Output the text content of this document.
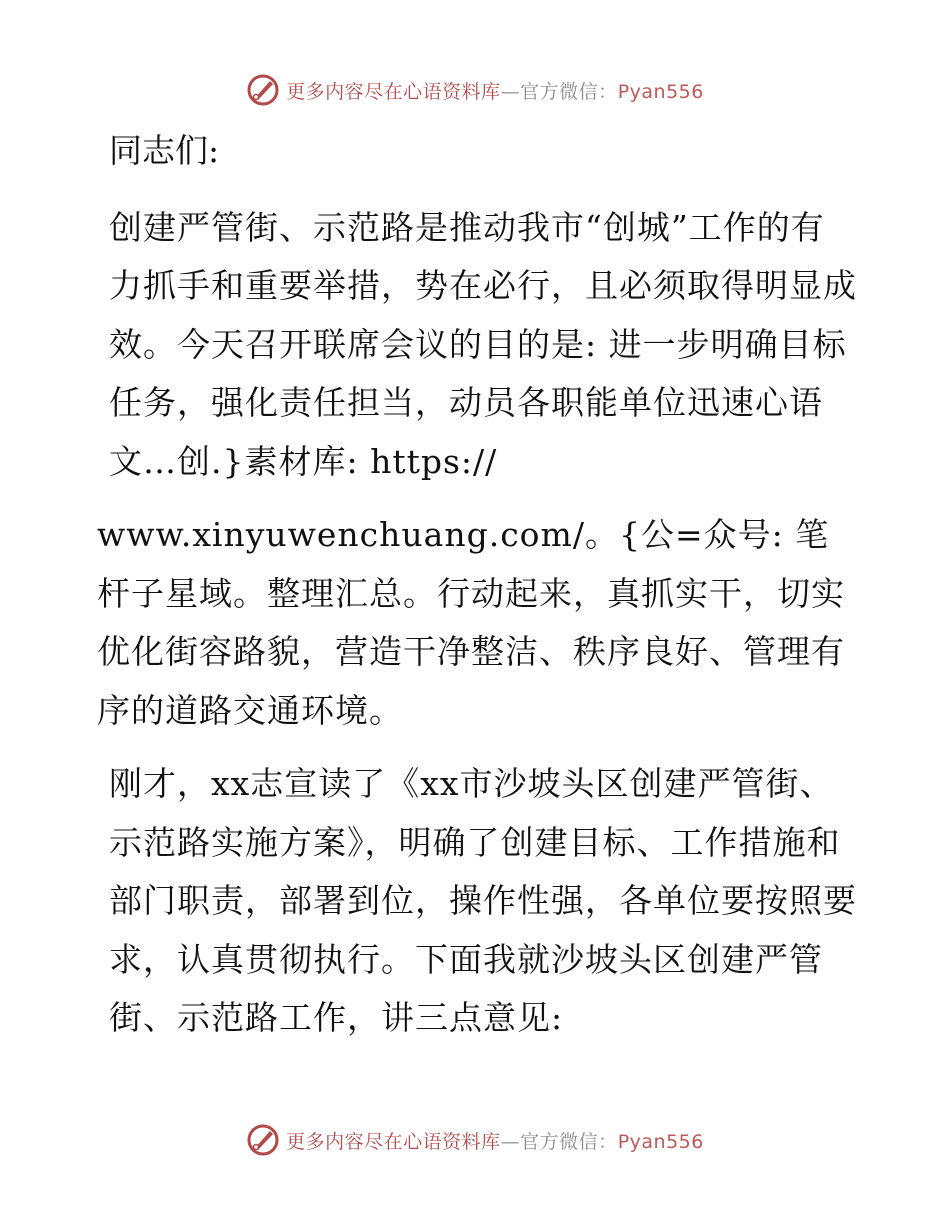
更多内容尽在心语资料库—官方微信：Pyan556
同志们:

创建严管街、示范路是推动我市“创城”工作的有力抓手和重要举措，势在必行，且必须取得明显成效。今天召开联席会议的目的是: 进一步明确目标任务，强化责任担当，动员各职能单位迅速心语文…创.}素材库: https://

www.xinyuwenchuang.com/。{公=众号: 笔杆子星域。整理汇总。行动起来，真抓实干，切实优化街容路貌，营造干净整洁、秩序良好、管理有序的道路交通环境。

刚才，xx志宣读了《xx市沙坡头区创建严管街、示范路实施方案》，明确了创建目标、工作措施和部门职责，部署到位，操作性强，各单位要按照要求，认真贯彻执行。下面我就沙坡头区创建严管街、示范路工作，讲三点意见:

更多内容尽在心语资料库—官方微信：Pyan556
